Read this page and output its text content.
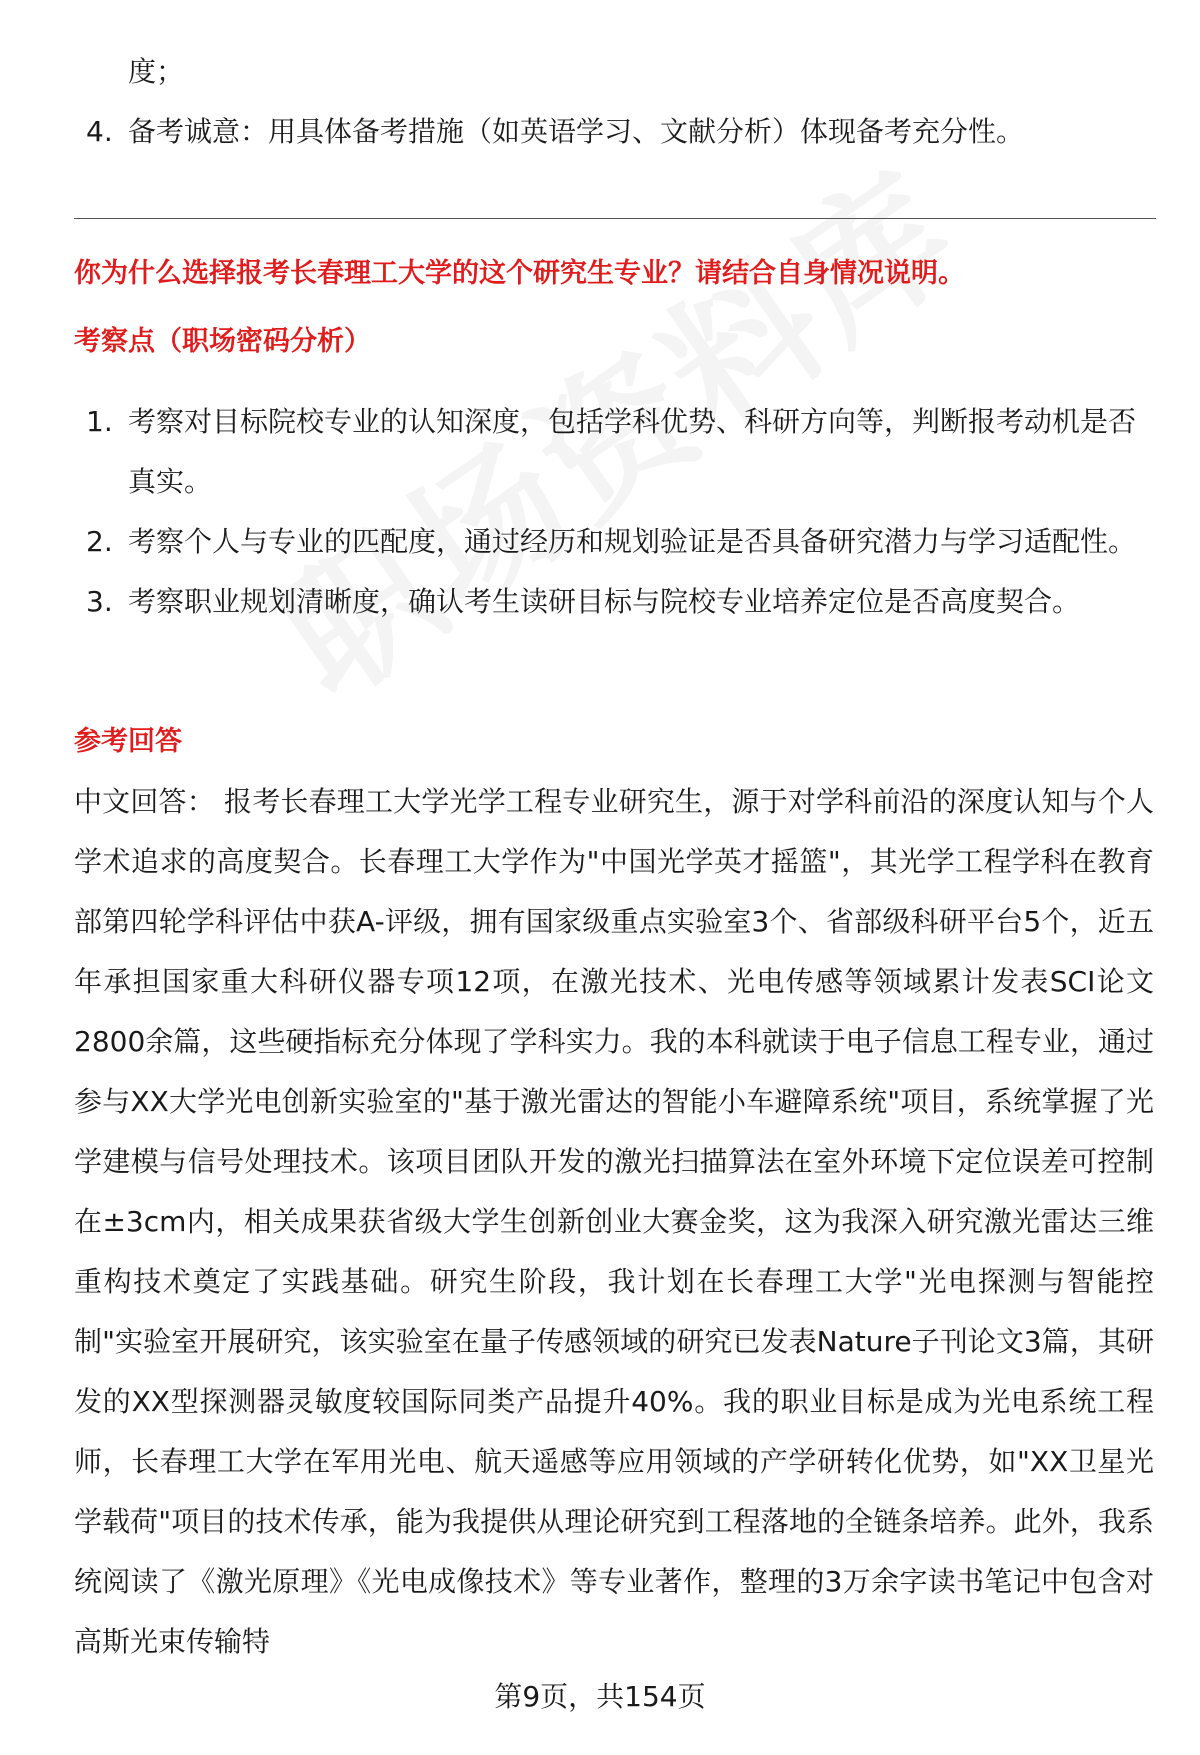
度；
4. 备考诚意：用具体备考措施（如英语学习、文献分析）体现备考充分性。
你为什么选择报考长春理工大学的这个研究生专业？请结合自身情况说明。
考察点（职场密码分析）
1. 考察对目标院校专业的认知深度，包括学科优势、科研方向等，判断报考动机是否真实。
2. 考察个人与专业的匹配度，通过经历和规划验证是否具备研究潜力与学习适配性。
3. 考察职业规划清晰度，确认考生读研目标与院校专业培养定位是否高度契合。
参考回答

中文回答： 报考长春理工大学光学工程专业研究生，源于对学科前沿的深度认知与个人学术追求的高度契合。长春理工大学作为"中国光学英才摇篮"，其光学工程学科在教育部第四轮学科评估中获A-评级，拥有国家级重点实验室3个、省部级科研平台5个，近五年承担国家重大科研仪器专项12项，在激光技术、光电传感等领域累计发表SCI论文2800余篇，这些硬指标充分体现了学科实力。我的本科就读于电子信息工程专业，通过参与XX大学光电创新实验室的"基于激光雷达的智能小车避障系统"项目，系统掌握了光学建模与信号处理技术。该项目团队开发的激光扫描算法在室外环境下定位误差可控制在±3cm内，相关成果获省级大学生创新创业大赛金奖，这为我深入研究激光雷达三维重构技术奠定了实践基础。研究生阶段，我计划在长春理工大学"光电探测与智能控制"实验室开展研究，该实验室在量子传感领域的研究已发表Nature子刊论文3篇，其研发的XX型探测器灵敏度较国际同类产品提升40%。我的职业目标是成为光电系统工程师，长春理工大学在军用光电、航天遥感等应用领域的产学研转化优势，如"XX卫星光学载荷"项目的技术传承，能为我提供从理论研究到工程落地的全链条培养。此外，我系统阅读了《激光原理》《光电成像技术》等专业著作，整理的3万余字读书笔记中包含对高斯光束传输特

第9页，共154页
